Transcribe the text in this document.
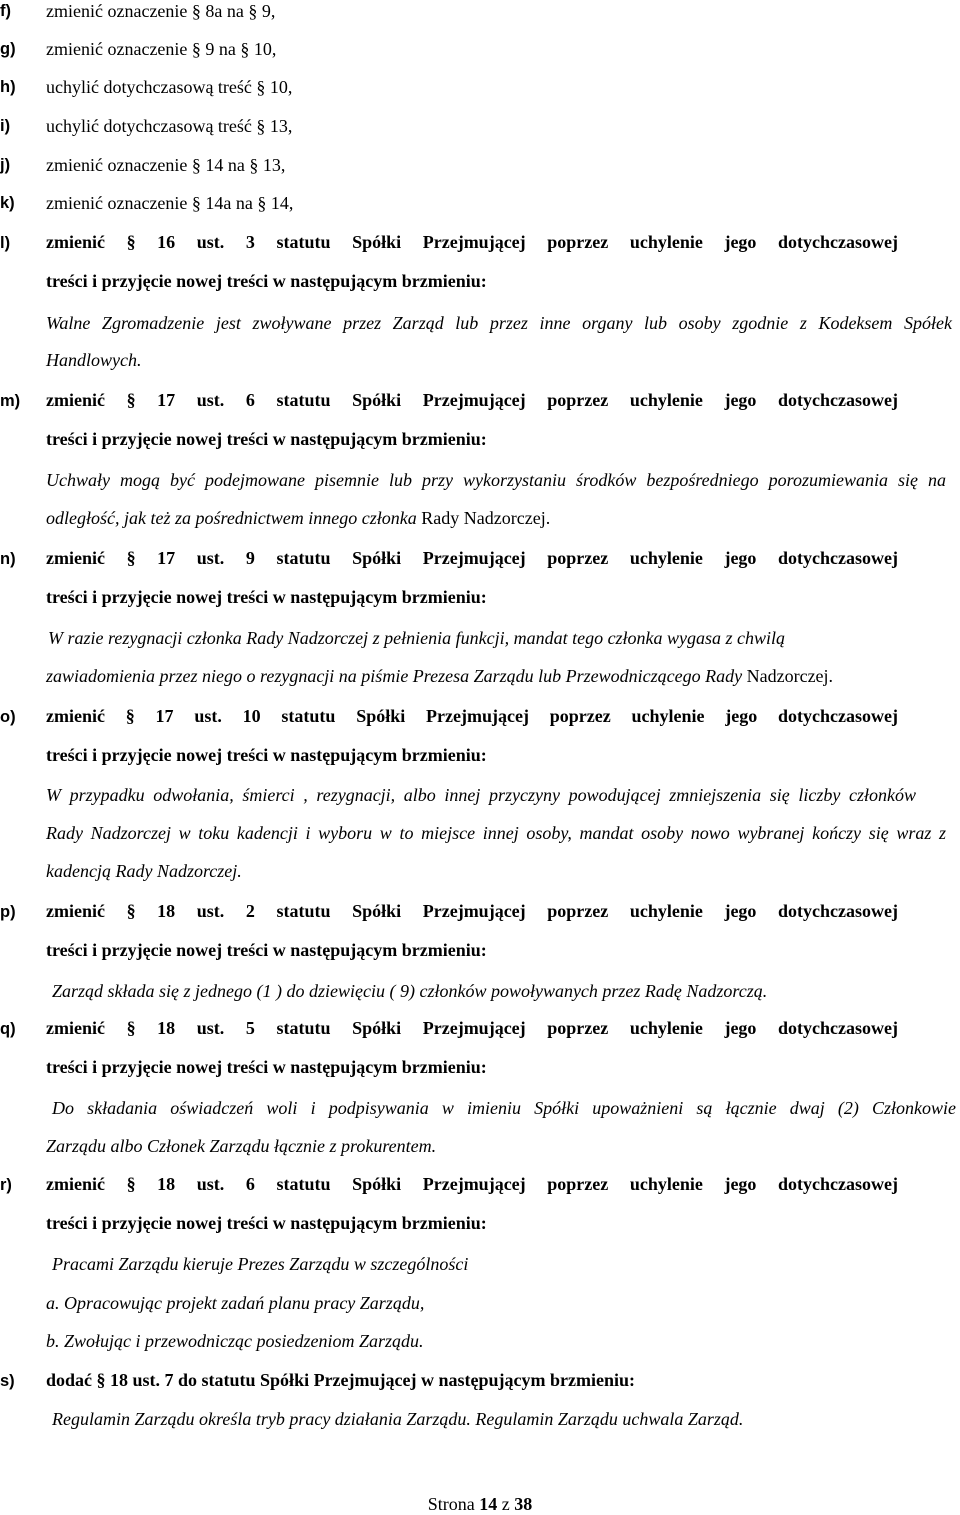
f) zmienić oznaczenie § 8a na § 9,
g) zmienić oznaczenie § 9 na § 10,
h) uchylić dotychczasową treść § 10,
i) uchylić dotychczasową treść § 13,
j) zmienić oznaczenie § 14 na § 13,
k) zmienić oznaczenie § 14a na § 14,
l) zmienić § 16 ust. 3 statutu Spółki Przejmującej poprzez uchylenie jego dotychczasowej
treści i przyjęcie nowej treści w następującym brzmieniu:
Walne Zgromadzenie jest zwoływane przez Zarząd lub przez inne organy lub osoby zgodnie z Kodeksem Spółek
Handlowych.
m) zmienić § 17 ust. 6 statutu Spółki Przejmującej poprzez uchylenie jego dotychczasowej
treści i przyjęcie nowej treści w następującym brzmieniu:
Uchwały mogą być podejmowane pisemnie lub przy wykorzystaniu środków bezpośredniego porozumiewania się na
odległość, jak też za pośrednictwem innego członka Rady Nadzorczej.
n) zmienić § 17 ust. 9 statutu Spółki Przejmującej poprzez uchylenie jego dotychczasowej
treści i przyjęcie nowej treści w następującym brzmieniu:
W razie rezygnacji członka Rady Nadzorczej z pełnienia funkcji, mandat tego członka wygasa z chwilą
zawiadomienia przez niego o rezygnacji na piśmie Prezesa Zarządu lub Przewodniczącego Rady Nadzorczej.
o) zmienić § 17 ust. 10 statutu Spółki Przejmującej poprzez uchylenie jego dotychczasowej
treści i przyjęcie nowej treści w następującym brzmieniu:
W przypadku odwołania, śmierci , rezygnacji, albo innej przyczyny powodującej zmniejszenia się liczby członków
Rady Nadzorczej w toku kadencji i wyboru w to miejsce innej osoby, mandat osoby nowo wybranej kończy się wraz z
kadencją Rady Nadzorczej.
p) zmienić § 18 ust. 2 statutu Spółki Przejmującej poprzez uchylenie jego dotychczasowej
treści i przyjęcie nowej treści w następującym brzmieniu:
Zarząd składa się z jednego (1 ) do dziewięciu ( 9) członków powoływanych przez Radę Nadzorczą.
q) zmienić § 18 ust. 5 statutu Spółki Przejmującej poprzez uchylenie jego dotychczasowej
treści i przyjęcie nowej treści w następującym brzmieniu:
Do składania oświadczeń woli i podpisywania w imieniu Spółki upoważnieni są łącznie dwaj (2) Członkowie
Zarządu albo Członek Zarządu łącznie z prokurentem.
r) zmienić § 18 ust. 6 statutu Spółki Przejmującej poprzez uchylenie jego dotychczasowej
treści i przyjęcie nowej treści w następującym brzmieniu:
Pracami Zarządu kieruje Prezes Zarządu w szczególności
a. Opracowując projekt zadań planu pracy Zarządu,
b. Zwołując i przewodnicząc posiedzeniom Zarządu.
s) dodać § 18 ust. 7 do statutu Spółki Przejmującej w następującym brzmieniu:
Regulamin Zarządu określa tryb pracy działania Zarządu. Regulamin Zarządu uchwala Zarząd.
Strona 14 z 38
